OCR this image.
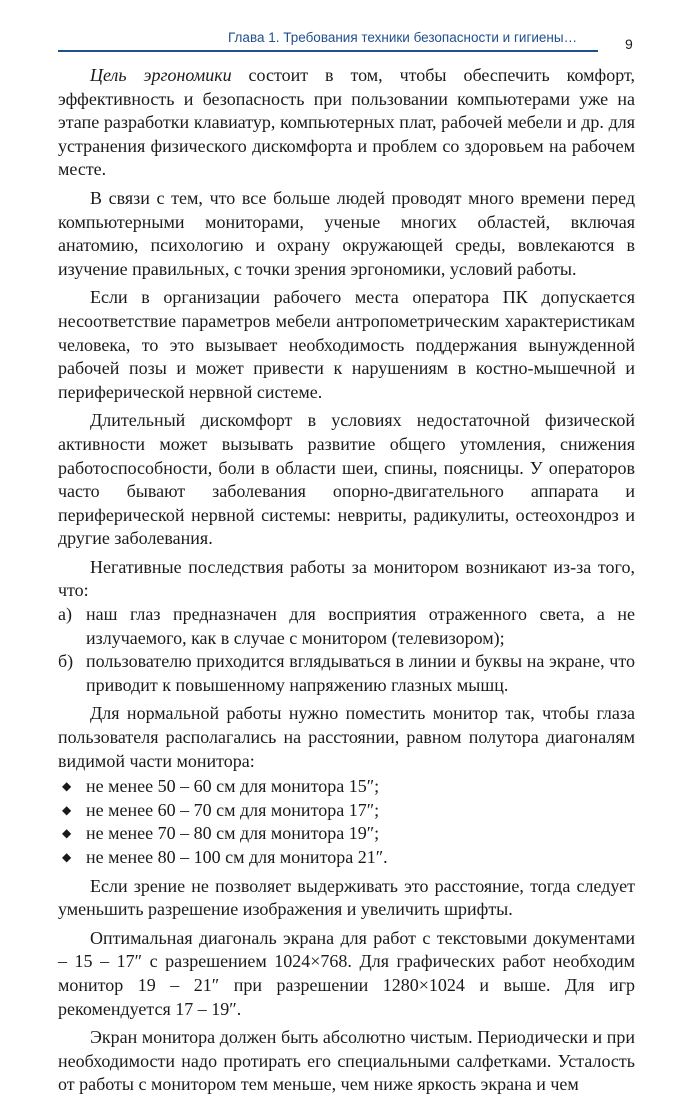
Глава 1. Требования техники безопасности и гигиены…	9

Цель эргономики состоит в том, чтобы обеспечить комфорт, эффективность и безопасность при пользовании компьютерами уже на этапе разработки клавиатур, компьютерных плат, рабочей мебели и др. для устранения физического дискомфорта и проблем со здоровьем на рабочем месте.

В связи с тем, что все больше людей проводят много времени перед компьютерными мониторами, ученые многих областей, включая анатомию, психологию и охрану окружающей среды, вовлекаются в изучение правильных, с точки зрения эргономики, условий работы.

Если в организации рабочего места оператора ПК допускается несоответствие параметров мебели антропометрическим характеристикам человека, то это вызывает необходимость поддержания вынужденной рабочей позы и может привести к нарушениям в костно-мышечной и периферической нервной системе.

Длительный дискомфорт в условиях недостаточной физической активности может вызывать развитие общего утомления, снижения работоспособности, боли в области шеи, спины, поясницы. У операторов часто бывают заболевания опорно-двигательного аппарата и периферической нервной системы: невриты, радикулиты, остеохондроз и другие заболевания.

Негативные последствия работы за монитором возникают из-за того, что:

а) наш глаз предназначен для восприятия отраженного света, а не излучаемого, как в случае с монитором (телевизором);

б) пользователю приходится вглядываться в линии и буквы на экране, что приводит к повышенному напряжению глазных мышц.

Для нормальной работы нужно поместить монитор так, чтобы глаза пользователя располагались на расстоянии, равном полутора диагоналям видимой части монитора:

◆ не менее 50 – 60 см для монитора 15″;
◆ не менее 60 – 70 см для монитора 17″;
◆ не менее 70 – 80 см для монитора 19″;
◆ не менее 80 – 100 см для монитора 21″.

Если зрение не позволяет выдерживать это расстояние, тогда следует уменьшить разрешение изображения и увеличить шрифты.

Оптимальная диагональ экрана для работ с текстовыми документами – 15 – 17″ с разрешением 1024×768. Для графических работ необходим монитор 19 – 21″ при разрешении 1280×1024 и выше. Для игр рекомендуется 17 – 19″.

Экран монитора должен быть абсолютно чистым. Периодически и при необходимости надо протирать его специальными салфетками. Усталость от работы с монитором тем меньше, чем ниже яркость экрана и чем
